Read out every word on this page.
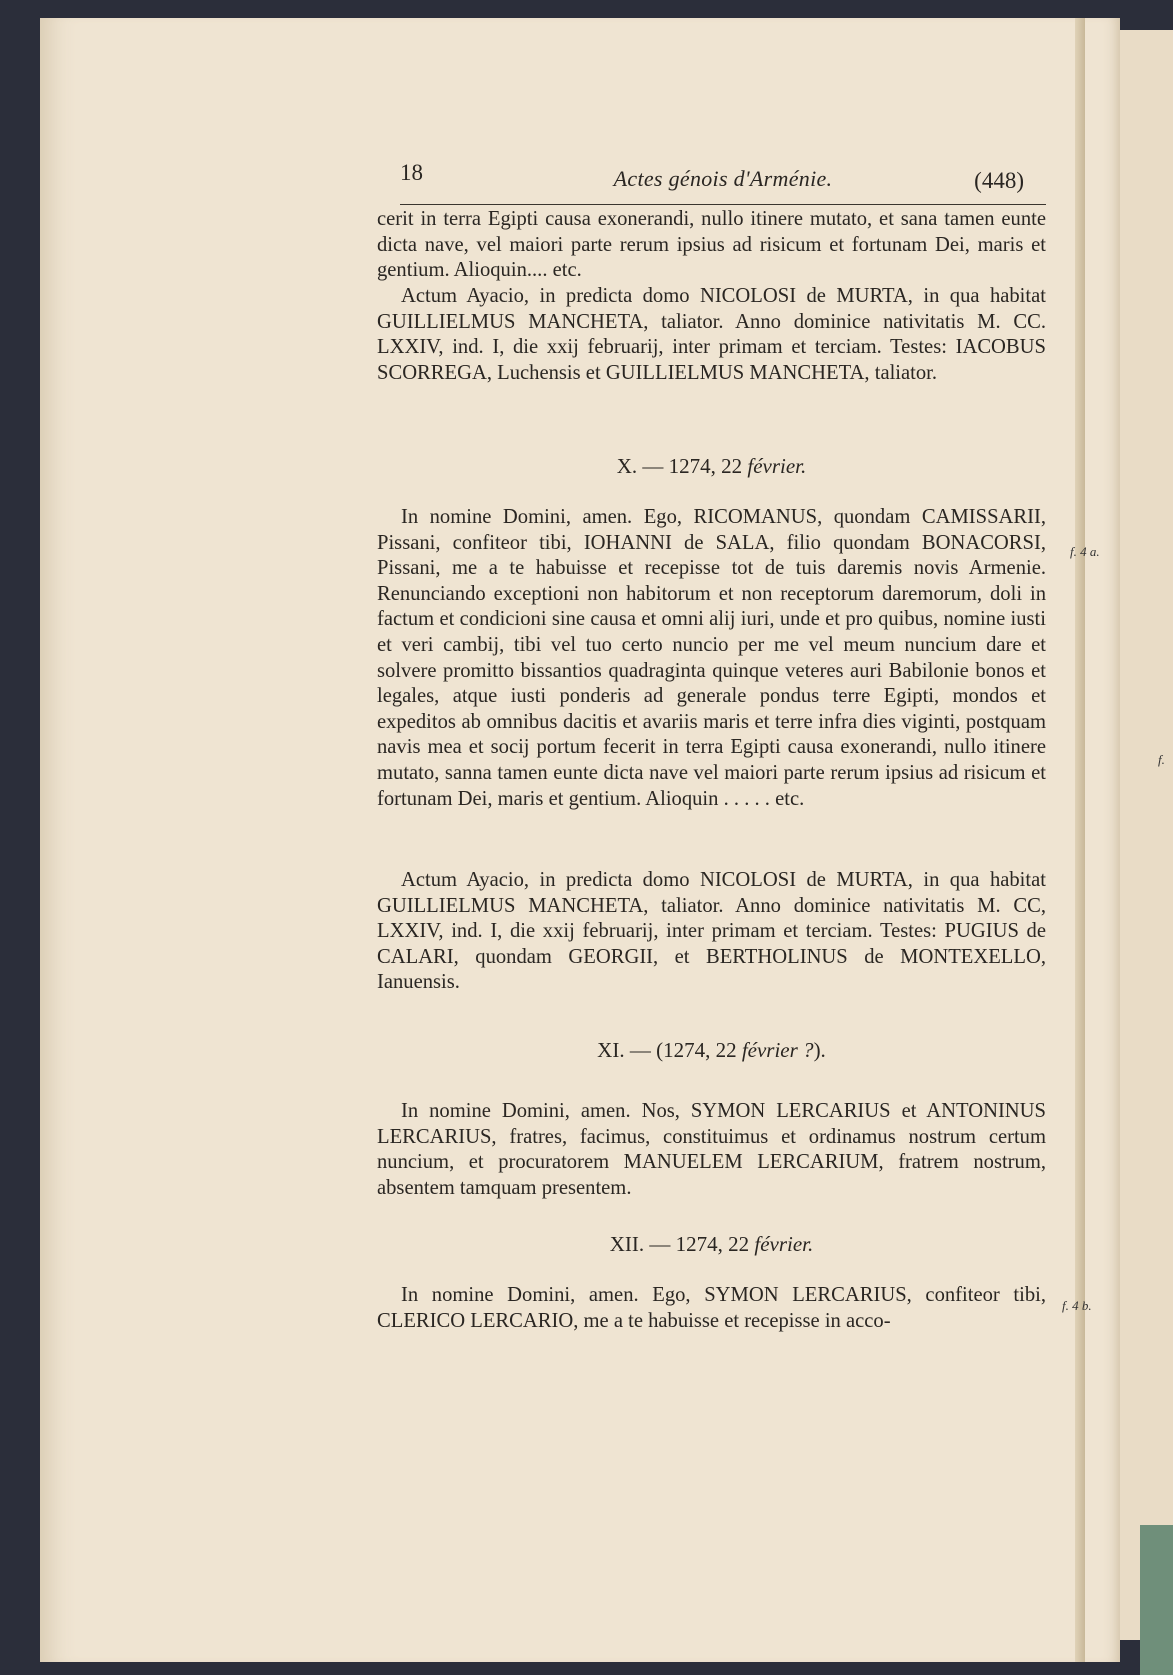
18	Actes génois d'Arménie.	(448)

cerit in terra Egipti causa exonerandi, nullo itinere mutato, et sana tamen eunte dicta nave, vel maiori parte rerum ipsius ad risicum et fortunam Dei, maris et gentium. Alioquin.... etc.

Actum Ayacio, in predicta domo NICOLOSI de MURTA, in qua habitat GUILLIELMUS MANCHETA, taliator. Anno dominice nativitatis M. CC. LXXIV, ind. I, die xxij februarij, inter primam et terciam. Testes: IACOBUS SCORREGA, Luchensis et GUILLIELMUS MANCHETA, taliator.

X. — 1274, 22 février.

In nomine Domini, amen. Ego, RICOMANUS, quondam CAMISSARII, Pissani, confiteor tibi, IOHANNI de SALA, filio quondam BONACORSI, Pissani, me a te habuisse et recepisse tot de tuis daremis novis Armenie. Renunciando exceptioni non habitorum et non receptorum daremorum, doli in factum et condicioni sine causa et omni alij iuri, unde et pro quibus, nomine iusti et veri cambij, tibi vel tuo certo nuncio per me vel meum nuncium dare et solvere promitto bissantios quadraginta quinque veteres auri Babilonie bonos et legales, atque iusti ponderis ad generale pondus terre Egipti, mondos et expeditos ab omnibus dacitis et avariis maris et terre infra dies viginti, postquam navis mea et socij portum fecerit in terra Egipti causa exonerandi, nullo itinere mutato, sanna tamen eunte dicta nave vel maiori parte rerum ipsius ad risicum et fortunam Dei, maris et gentium. Alioquin . . . . . etc.

Actum Ayacio, in predicta domo NICOLOSI de MURTA, in qua habitat GUILLIELMUS MANCHETA, taliator. Anno dominice nativitatis M. CC, LXXIV, ind. I, die xxij februarij, inter primam et terciam. Testes: PUGIUS de CALARI, quondam GEORGII, et BERTHOLINUS de MONTEXELLO, Ianuensis.

XI. — (1274, 22 février ?).

In nomine Domini, amen. Nos, SYMON LERCARIUS et ANTONINUS LERCARIUS, fratres, facimus, constituimus et ordinamus nostrum certum nuncium, et procuratorem MANUELEM LERCARIUM, fratrem nostrum, absentem tamquam presentem.

XII. — 1274, 22 février.

In nomine Domini, amen. Ego, SYMON LERCARIUS, confiteor tibi, CLERICO LERCARIO, me a te habuisse et recepisse in acco-

f. 4 a.
f.
f. 4 b.
